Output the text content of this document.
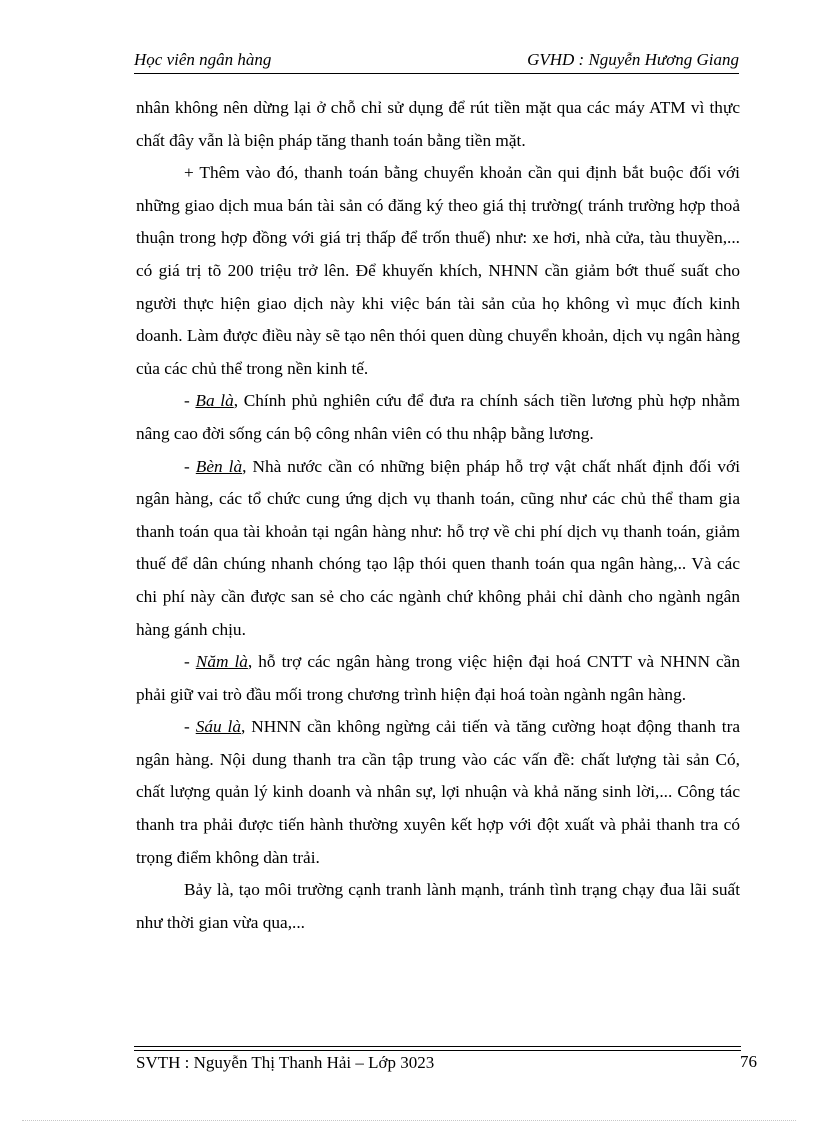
Học viên ngân hàng	GVHD : Nguyễn Hương Giang

nhân không nên dừng lại ở chỗ chỉ sử dụng để rút tiền mặt qua các máy ATM vì thực chất đây vẫn là biện pháp tăng thanh toán bằng tiền mặt.

+ Thêm vào đó, thanh toán bằng chuyển khoản cần qui định bắt buộc đối với những giao dịch mua bán tài sản có đăng ký theo giá thị trường( tránh trường hợp thoả thuận trong hợp đồng với giá trị thấp để trốn thuế) như: xe hơi, nhà cửa, tàu thuyền,... có giá trị tõ 200 triệu trở lên. Để khuyến khích, NHNN cần giảm bớt thuế suất cho người thực hiện giao dịch này khi việc bán tài sản của họ không vì mục đích kinh doanh. Làm được điều này sẽ tạo nên thói quen dùng chuyển khoản, dịch vụ ngân hàng của các chủ thể trong nền kinh tế.

- Ba là, Chính phủ nghiên cứu để đưa ra chính sách tiền lương phù hợp nhằm nâng cao đời sống cán bộ công nhân viên có thu nhập bằng lương.

- Bèn là, Nhà nước cần có những biện pháp hỗ trợ vật chất nhất định đối với ngân hàng, các tổ chức cung ứng dịch vụ thanh toán, cũng như các chủ thể tham gia thanh toán qua tài khoản tại ngân hàng như: hỗ trợ về chi phí dịch vụ thanh toán, giảm thuế để dân chúng nhanh chóng tạo lập thói quen thanh toán qua ngân hàng,.. Và các chi phí này cần được san sẻ cho các ngành chứ không phải chỉ dành cho ngành ngân hàng gánh chịu.

- Năm là, hỗ trợ các ngân hàng trong việc hiện đại hoá CNTT và NHNN cần phải giữ vai trò đầu mối trong chương trình hiện đại hoá toàn ngành ngân hàng.

- Sáu là, NHNN cần không ngừng cải tiến và tăng cường hoạt động thanh tra ngân hàng. Nội dung thanh tra cần tập trung vào các vấn đề: chất lượng tài sản Có, chất lượng quản lý kinh doanh và nhân sự, lợi nhuận và khả năng sinh lời,... Công tác thanh tra phải được tiến hành thường xuyên kết hợp với đột xuất và phải thanh tra có trọng điểm không dàn trải.

Bảy là, tạo môi trường cạnh tranh lành mạnh, tránh tình trạng chạy đua lãi suất như thời gian vừa qua,...

SVTH : Nguyễn Thị Thanh Hải – Lớp 3023	76
